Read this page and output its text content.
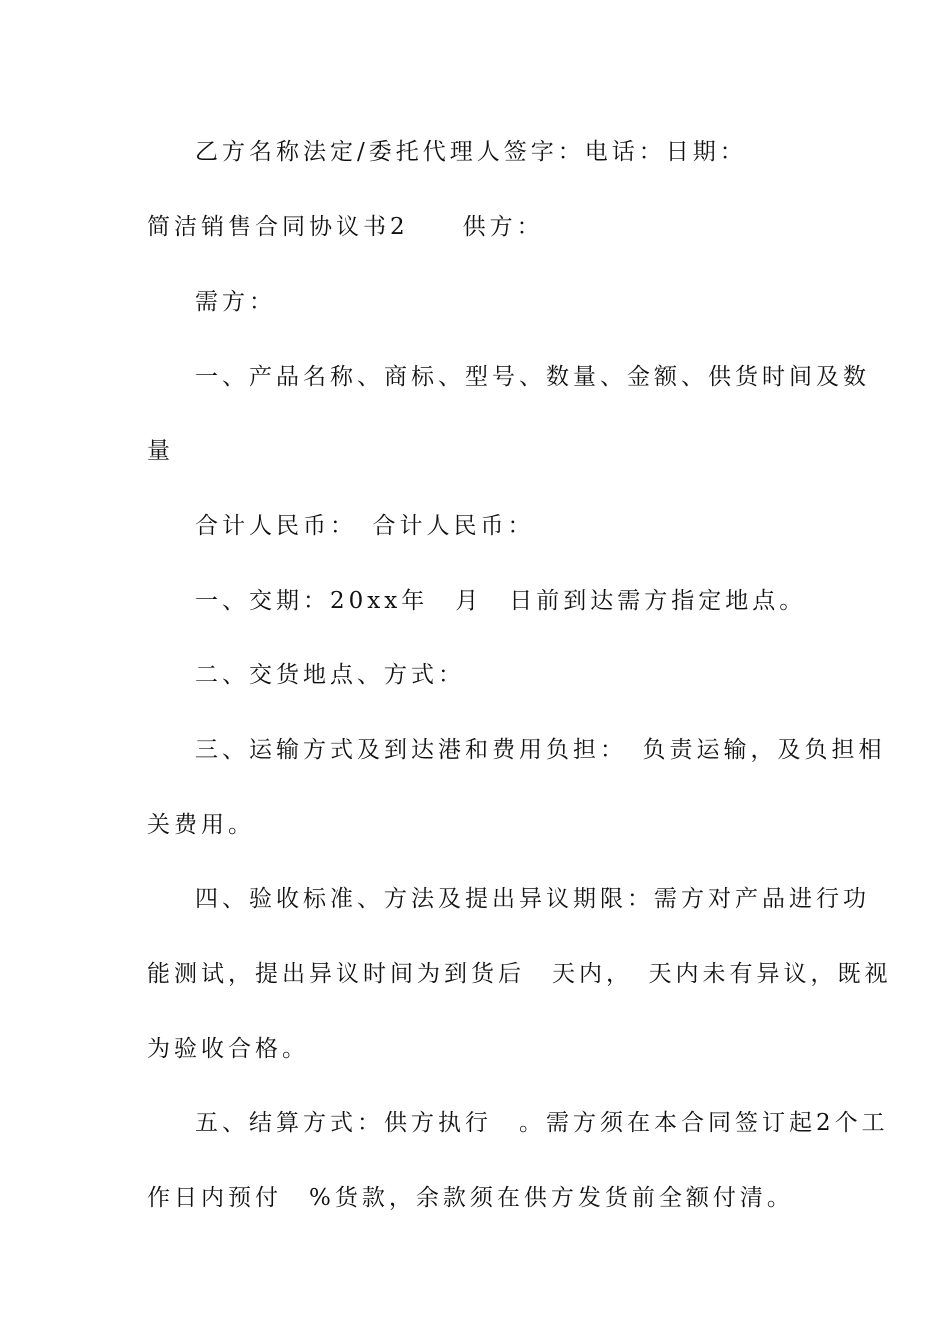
乙方名称法定/委托代理人签字：电话：日期：

简洁销售合同协议书2　　供方：

需方：

一、产品名称、商标、型号、数量、金额、供货时间及数

量

合计人民币：　合计人民币：

一、交期：20xx年　月　日前到达需方指定地点。

二、交货地点、方式：

三、运输方式及到达港和费用负担：　负责运输，及负担相

关费用。

四、验收标准、方法及提出异议期限：需方对产品进行功

能测试，提出异议时间为到货后　天内，　天内未有异议，既视

为验收合格。

五、结算方式：供方执行　。需方须在本合同签订起2个工

作日内预付　%货款，余款须在供方发货前全额付清。
